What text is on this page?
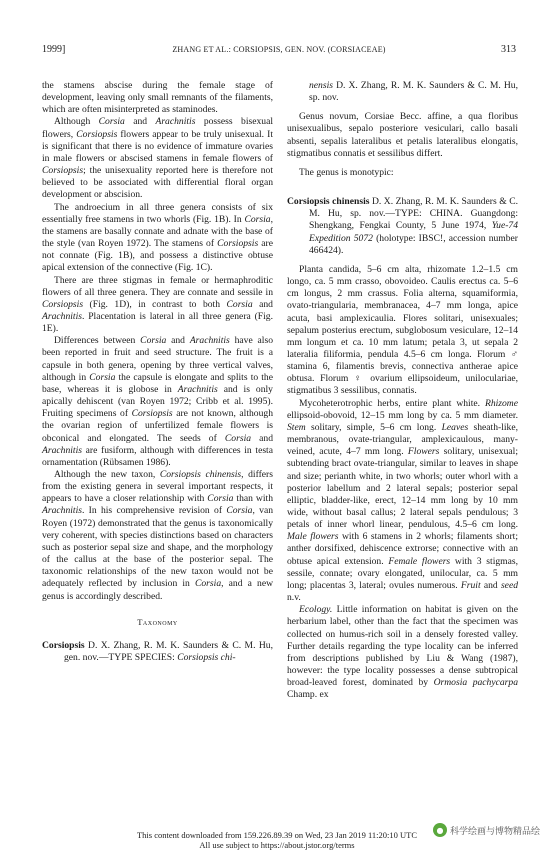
1999]	ZHANG ET AL.: CORSIOPSIS, GEN. NOV. (CORSIACEAE)	313

the stamens abscise during the female stage of development, leaving only small remnants of the filaments, which are often misinterpreted as staminodes.

Although Corsia and Arachnitis possess bisexual flowers, Corsiopsis flowers appear to be truly unisexual. It is significant that there is no evidence of immature ovaries in male flowers or abscised stamens in female flowers of Corsiopsis; the unisexuality reported here is therefore not believed to be associated with differential floral organ development or abscision.

The androecium in all three genera consists of six essentially free stamens in two whorls (Fig. 1B). In Corsia, the stamens are basally connate and adnate with the base of the style (van Royen 1972). The stamens of Corsiopsis are not connate (Fig. 1B), and possess a distinctive obtuse apical extension of the connective (Fig. 1C).

There are three stigmas in female or hermaphroditic flowers of all three genera. They are connate and sessile in Corsiopsis (Fig. 1D), in contrast to both Corsia and Arachnitis. Placentation is lateral in all three genera (Fig. 1E).

Differences between Corsia and Arachnitis have also been reported in fruit and seed structure. The fruit is a capsule in both genera, opening by three vertical valves, although in Corsia the capsule is elongate and splits to the base, whereas it is globose in Arachnitis and is only apically dehiscent (van Royen 1972; Cribb et al. 1995). Fruiting specimens of Corsiopsis are not known, although the ovarian region of unfertilized female flowers is obconical and elongated. The seeds of Corsia and Arachnitis are fusiform, although with differences in testa ornamentation (Rübsamen 1986).

Although the new taxon, Corsiopsis chinensis, differs from the existing genera in several important respects, it appears to have a closer relationship with Corsia than with Arachnitis. In his comprehensive revision of Corsia, van Royen (1972) demonstrated that the genus is taxonomically very coherent, with species distinctions based on characters such as posterior sepal size and shape, and the morphology of the callus at the base of the posterior sepal. The taxonomic relationships of the new taxon would not be adequately reflected by inclusion in Corsia, and a new genus is accordingly described.

Taxonomy

Corsiopsis D. X. Zhang, R. M. K. Saunders & C. M. Hu, gen. nov.—TYPE SPECIES: Corsiopsis chi-

nensis D. X. Zhang, R. M. K. Saunders & C. M. Hu, sp. nov.

Genus novum, Corsiae Becc. affine, a qua floribus unisexualibus, sepalo posteriore vesiculari, callo basali absenti, sepalis lateralibus et petalis lateralibus elongatis, stigmatibus connatis et sessilibus differt.

The genus is monotypic:

Corsiopsis chinensis D. X. Zhang, R. M. K. Saunders & C. M. Hu, sp. nov.—TYPE: CHINA. Guangdong: Shengkang, Fengkai County, 5 June 1974, Yue-74 Expedition 5072 (holotype: IBSC!, accession number 466424).

Planta candida, 5–6 cm alta, rhizomate 1.2–1.5 cm longo, ca. 5 mm crasso, obovoideo. Caulis erectus ca. 5–6 cm longus, 2 mm crassus. Folia alterna, squamiformia, ovato-triangularia, membranacea, 4–7 mm longa, apice acuta, basi amplexicaulia. Flores solitari, unisexuales; sepalum posterius erectum, subglobosum vesiculare, 12–14 mm longum et ca. 10 mm latum; petala 3, ut sepala 2 lateralia filiformia, pendula 4.5–6 cm longa. Florum ♂ stamina 6, filamentis brevis, connectiva antherae apice obtusa. Florum ♀ ovarium ellipsoideum, uniloculariae, stigmatibus 3 sessilibus, connatis.

Mycoheterotrophic herbs, entire plant white. Rhizome ellipsoid-obovoid, 12–15 mm long by ca. 5 mm diameter. Stem solitary, simple, 5–6 cm long. Leaves sheath-like, membranous, ovate-triangular, amplexicaulous, many-veined, acute, 4–7 mm long. Flowers solitary, unisexual; subtending bract ovate-triangular, similar to leaves in shape and size; perianth white, in two whorls; outer whorl with a posterior labellum and 2 lateral sepals; posterior sepal elliptic, bladder-like, erect, 12–14 mm long by 10 mm wide, without basal callus; 2 lateral sepals pendulous; 3 petals of inner whorl linear, pendulous, 4.5–6 cm long. Male flowers with 6 stamens in 2 whorls; filaments short; anther dorsifixed, dehiscence extrorse; connective with an obtuse apical extension. Female flowers with 3 stigmas, sessile, connate; ovary elongated, unilocular, ca. 5 mm long; placentas 3, lateral; ovules numerous. Fruit and seed n.v.

Ecology. Little information on habitat is given on the herbarium label, other than the fact that the specimen was collected on humus-rich soil in a densely forested valley. Further details regarding the type locality can be inferred from descriptions published by Liu & Wang (1987), however: the type locality possesses a dense subtropical broad-leaved forest, dominated by Ormosia pachycarpa Champ. ex

This content downloaded from 159.226.89.39 on Wed, 23 Jan 2019 11:20:10 UTC
All use subject to https://about.jstor.org/terms
● 科学绘画与博物精品绘
